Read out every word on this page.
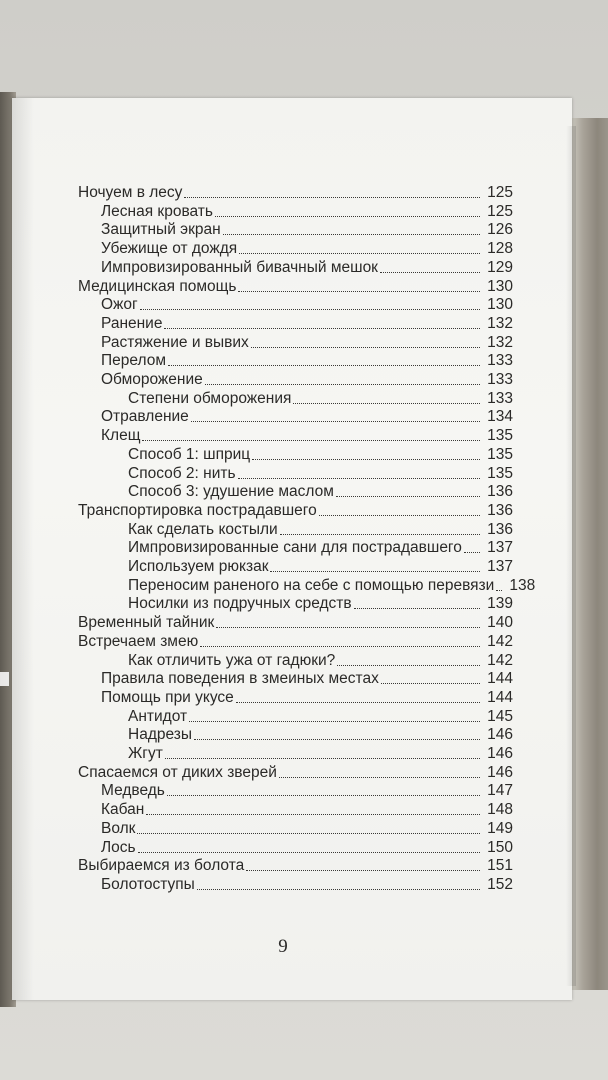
Ночуем в лесу	125
Лесная кровать	125
Защитный экран	126
Убежище от дождя	128
Импровизированный бивачный мешок	129
Медицинская помощь	130
Ожог	130
Ранение	132
Растяжение и вывих	132
Перелом	133
Обморожение	133
Степени обморожения	133
Отравление	134
Клещ	135
Способ 1: шприц	135
Способ 2: нить	135
Способ 3: удушение маслом	136
Транспортировка пострадавшего	136
Как сделать костыли	136
Импровизированные сани для пострадавшего 137
Используем рюкзак	137
Переносим раненого на себе с помощью перевязи 138
Носилки из подручных средств	139
Временный тайник	140
Встречаем змею	142
Как отличить ужа от гадюки?	142
Правила поведения в змеиных местах	144
Помощь при укусе	144
Антидот	145
Надрезы	146
Жгут	146
Спасаемся от диких зверей	146
Медведь	147
Кабан	148
Волк	149
Лось	150
Выбираемся из болота	151
Болотоступы	152
9
